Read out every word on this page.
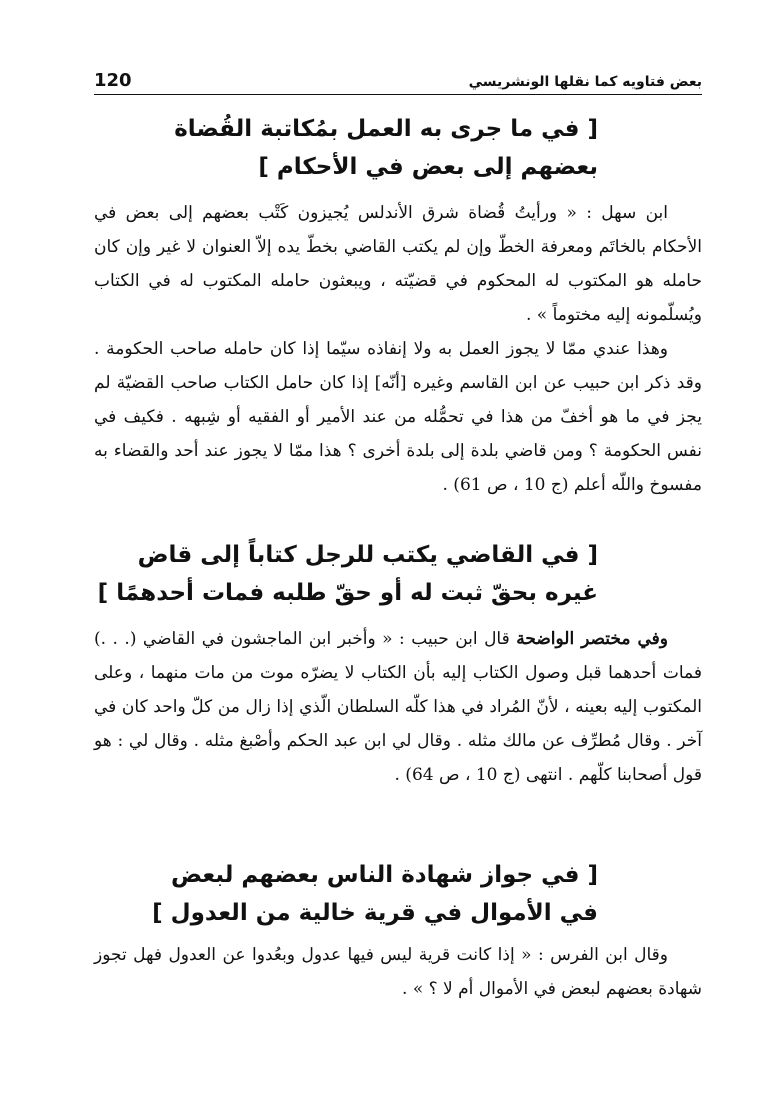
بعض فتاويه كما نقلها الونشريسي
120
[ في ما جرى به العمل بمُكاتبة القُضاة
بعضهم إلى بعض في الأحكام ]

ابن سهل : « ورأيتُ قُضاة شرق الأندلس يُجيزون كَتْب بعضهم إلى بعض في الأحكام بالخاتَم ومعرفة الخطّ وإن لم يكتب القاضي بخطّ يده إلاّ العنوان لا غير وإن كان حامله هو المكتوب له المحكوم في قضيّته ، ويبعثون حامله المكتوب له في الكتاب ويُسلّمونه إليه مختوماً » .

وهذا عندي ممّا لا يجوز العمل به ولا إنفاذه سيّما إذا كان حامله صاحب الحكومة . وقد ذكر ابن حبيب عن ابن القاسم وغيره [أنّه] إذا كان حامل الكتاب صاحب القضيّة لم يجز في ما هو أخفّ من هذا في تحمُّله من عند الأمير أو الفقيه أو شِبهه . فكيف في نفس الحكومة ؟ ومن قاضي بلدة إلى بلدة أخرى ؟ هذا ممّا لا يجوز عند أحد والقضاء به مفسوخ واللّه أعلم (ج 10 ، ص 61) .

[ في القاضي يكتب للرجل كتاباً إلى قاض
غيره بحقّ ثبت له أو حقّ طلبه فمات أحدهمًا ]

وفي مختصر الواضحة قال ابن حبيب : « وأخبر ابن الماجشون في القاضي (. . .) فمات أحدهما قبل وصول الكتاب إليه بأن الكتاب لا يضرّه موت من مات منهما ، وعلى المكتوب إليه بعينه ، لأنّ المُراد في هذا كلّه السلطان الّذي إذا زال من كلّ واحد كان في آخر . وقال مُطرِّف عن مالك مثله . وقال لي ابن عبد الحكم وأصْبغ مثله . وقال لي : هو قول أصحابنا كلّهم . انتهى (ج 10 ، ص 64) .

[ في جواز شهادة الناس بعضهم لبعض
في الأموال في قرية خالية من العدول ]

وقال ابن الفرس : « إذا كانت قرية ليس فيها عدول وبعُدوا عن العدول فهل تجوز شهادة بعضهم لبعض في الأموال أم لا ؟ » .
